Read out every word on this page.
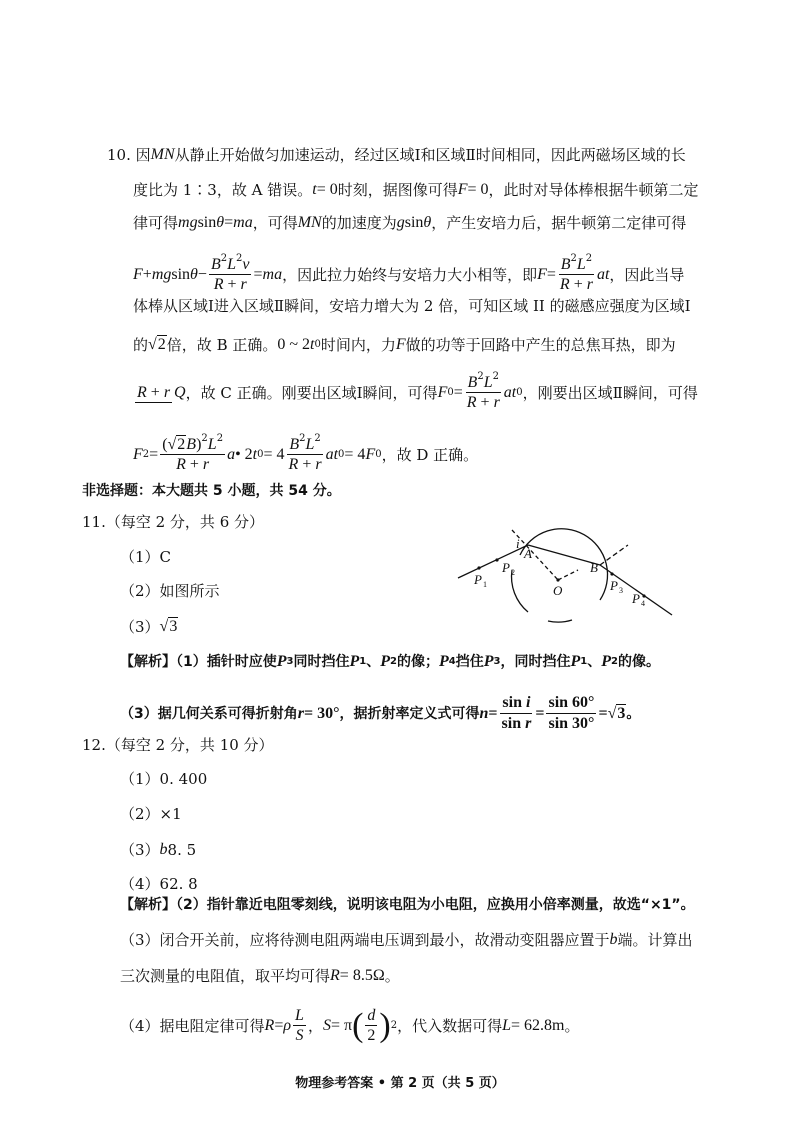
10. 因 MN 从静止开始做匀加速运动，经过区域Ⅰ和区域Ⅱ时间相同，因此两磁场区域的长
度比为 1∶3，故 A 错误。 t = 0 时刻，据图像可得 F = 0 ，此时对导体棒根据牛顿第二定
律可得 mg sin θ = ma ，可得 MN 的加速度为 g sin θ ，产生安培力后，据牛顿第二定律可得
F + mg $\sin \theta - \frac{B^2L^2v}{R + r}$ = ma ，因此拉力始终与安培力大小相等，即 $F = \frac{B^2L^2}{R + r}$ at ，因此当导
体棒从区域Ⅰ进入区域Ⅱ瞬间，安培力增大为 2 倍，可知区域 II 的磁感应强度为区域Ⅰ
的 √2 倍，故 B 正确。 0 ~ 2 t 0 时间内，力 F 做的功等于回路中产生的总焦耳热，即为
R + r Q ，故 C 正确。刚要出区域Ⅰ瞬间，可得 F $0 = \frac{B^2L^2}{R + r}$ at 0 ，刚要出区域Ⅱ瞬间，可得
F $2 = \frac{(√2B)^2L^2}{R + r}$ a • 2 t $0 = 4 \frac{B^2L^2}{R + r}$ at 0 = 4 F 0 ，故 D 正确。
非选择题：本大题共 5 小题，共 54 分。
11.（每空 2 分，共 6 分）
（1）C
（2）如图所示
（3） √3
【解析】（1）插针时应使 P 3 同时挡住 P 1 、 P 2 的像； P 4 挡住 P 3 ，同时挡住 P 1 、 P 2 的像。
（3）据几何关系可得折射角 r = 30° ，据折射率定义式可得 $n = \frac{\text{sin i}}{\text{sin r}} = \frac{\sin 60^\circ}{\sin 30^\circ} = √3$ 。
12.（每空 2 分，共 10 分）
（1）0. 400
（2）×1
（3） b 8. 5
（4）62. 8
【解析】（2）指针靠近电阻零刻线，说明该电阻为小电阻，应换用小倍率测量，故选“×1”。
（3）闭合开关前，应将待测电阻两端电压调到最小，故滑动变阻器应置于 b 端。计算出
三次测量的电阻值，取平均可得 R = 8.5Ω 。
（4）据电阻定律可得 R = ρ $\frac{L}{S}$ ， S = π ( $\frac{d}{2}$ ) 2 ，代入数据可得 L = 62.8m 。
i
A
B
O
P 1
P 2
P 3
P 4
物理参考答案 • 第 2 页（共 5 页）
